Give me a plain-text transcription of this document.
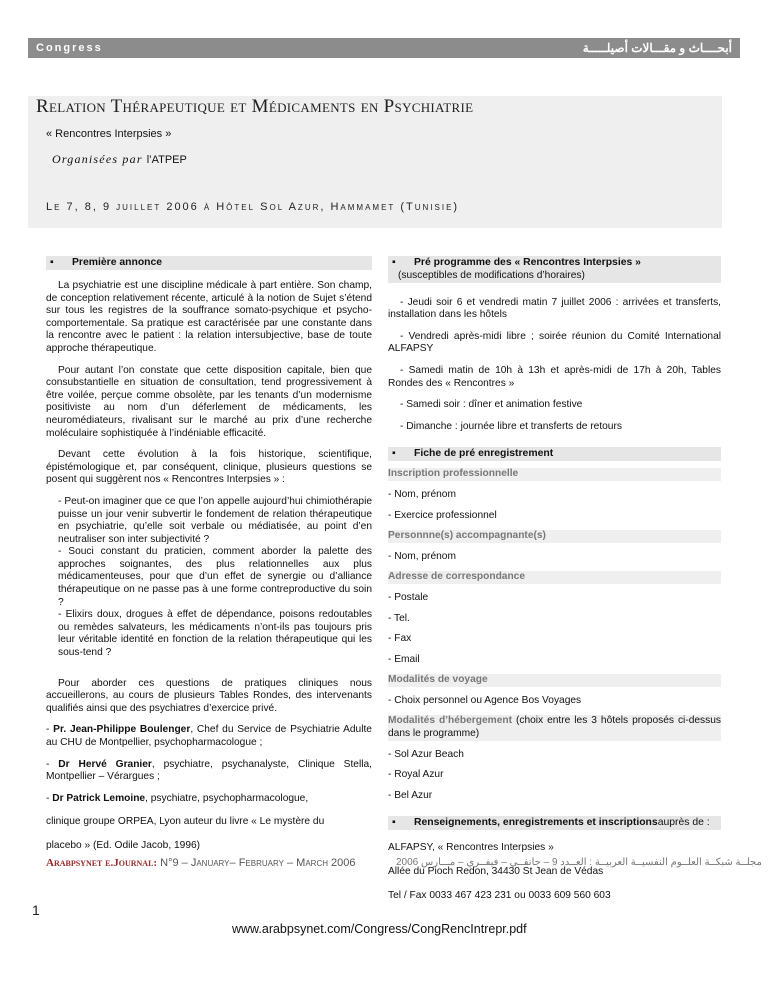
Congress	أبحــــاث و مقـــالات أصيلـــــة
Relation Thérapeutique et Médicaments en Psychiatrie
« Rencontres Interpsies »
Organisées par l’ATPEP
Le 7, 8, 9 juillet 2006 à Hôtel Sol Azur, Hammamet (Tunisie)
▪	Première annonce

La psychiatrie est une discipline médicale à part entière. Son champ, de conception relativement récente, articulé à la notion de Sujet s’étend sur tous les registres de la souffrance somato-psychique et psycho-comportementale. Sa pratique est caractérisée par une constante dans la rencontre avec le patient : la relation intersubjective, base de toute approche thérapeutique.

Pour autant l’on constate que cette disposition capitale, bien que consubstantielle en situation de consultation, tend progressivement à être voilée, perçue comme obsolète, par les tenants d’un modernisme positiviste au nom d’un déferlement de médicaments, les neuromédiateurs, rivalisant sur le marché au prix d’une recherche moléculaire sophistiquée à l’indéniable efficacité.

Devant cette évolution à la fois historique, scientifique, épistémologique et, par conséquent, clinique, plusieurs questions se posent qui suggèrent nos « Rencontres Interpsies » :

- Peut-on imaginer que ce que l’on appelle aujourd’hui chimiothérapie puisse un jour venir subvertir le fondement de relation thérapeutique en psychiatrie, qu’elle soit verbale ou médiatisée, au point d’en neutraliser son inter subjectivité ?

- Souci constant du praticien, comment aborder la palette des approches soignantes, des plus relationnelles aux plus médicamenteuses, pour que d’un effet de synergie ou d’alliance thérapeutique on ne passe pas à une forme contreproductive du soin ?

- Elixirs doux, drogues à effet de dépendance, poisons redoutables ou remèdes salvateurs, les médicaments n’ont-ils pas toujours pris leur véritable identité en fonction de la relation thérapeutique qui les sous-tend ?

Pour aborder ces questions de pratiques cliniques nous accueillerons, au cours de plusieurs Tables Rondes, des intervenants qualifiés ainsi que des psychiatres d’exercice privé.

- Pr. Jean-Philippe Boulenger, Chef du Service de Psychiatrie Adulte au CHU de Montpellier, psychopharmacologue ;

- Dr Hervé Granier, psychiatre, psychanalyste, Clinique Stella, Montpellier – Vérargues ;

- Dr Patrick Lemoine, psychiatre, psychopharmacologue,

clinique groupe ORPEA, Lyon auteur du livre « Le mystère du

placebo » (Ed. Odile Jacob, 1996)

▪	Pré programme des « Rencontres Interpsies »
(susceptibles de modifications d’horaires)

- Jeudi soir 6 et vendredi matin 7 juillet 2006 : arrivées et transferts, installation dans les hôtels

- Vendredi après-midi libre ; soirée réunion du Comité International ALFAPSY

- Samedi matin de 10h à 13h et après-midi de 17h à 20h, Tables Rondes des « Rencontres »

- Samedi soir : dîner et animation festive

- Dimanche : journée libre et transferts de retours

▪	Fiche de pré enregistrement

Inscription professionnelle

- Nom, prénom

- Exercice professionnel

Personnne(s) accompagnante(s)

- Nom, prénom

Adresse de correspondance

- Postale

- Tel.

- Fax

- Email

Modalités de voyage

- Choix personnel ou Agence Bos Voyages

Modalités d’hébergement (choix entre les 3 hôtels proposés ci-dessus dans le programme)

- Sol Azur Beach

- Royal Azur

- Bel Azur

▪	Renseignements, enregistrements et inscriptions auprès de :

ALFAPSY, « Rencontres Interpsies »

Allée du Pioch Redon, 34430 St Jean de Védas

Tel / Fax 0033 467 423 231 ou 0033 609 560 603

Arabpsynet e.Journal: N°9 – January– February – March 2006	مجلــة شبكــة العلــوم النفسيــة العربيــة : العــدد 9 – جانفــي – فيفــري – مـــارس 2006
1
www.arabpsynet.com/Congress/CongRencIntrepr.pdf
